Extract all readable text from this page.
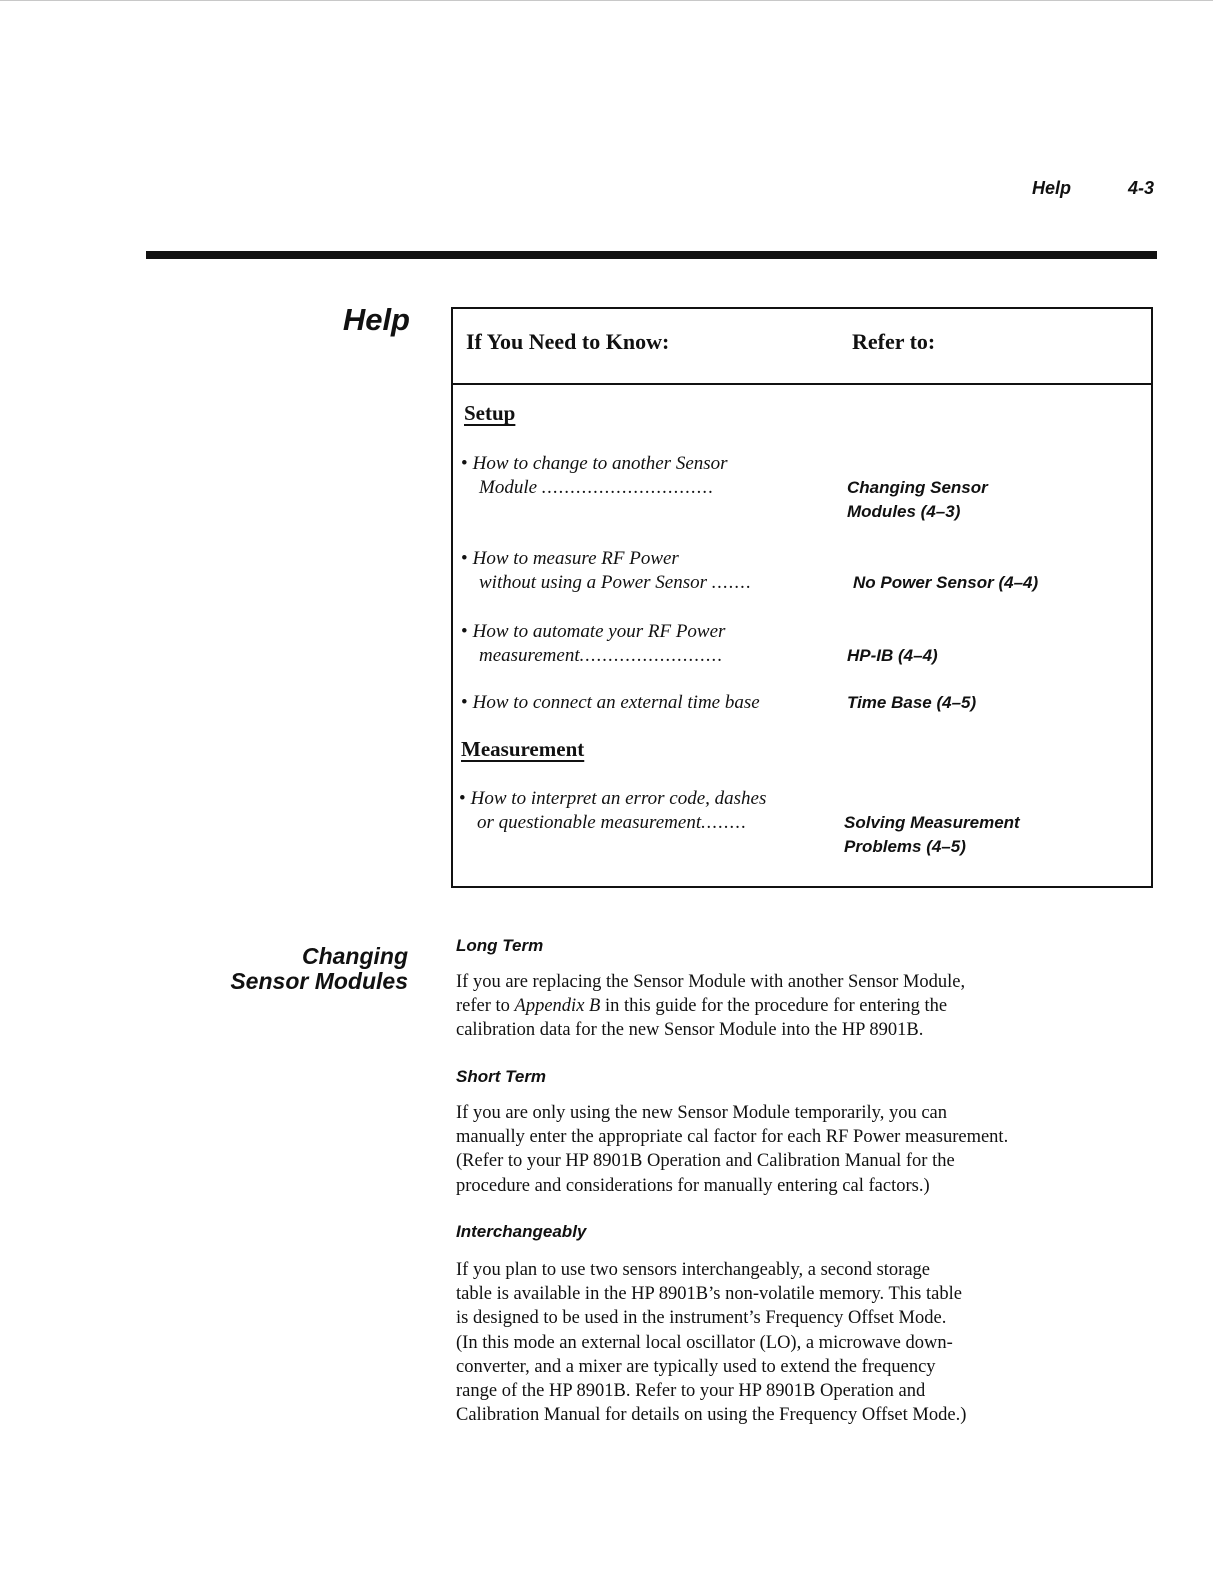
Help	4-3
Help
If You Need to Know:	Refer to:
Setup
• How to change to another Sensor
Module ..............................	Changing Sensor
Modules (4–3)
• How to measure RF Power
without using a Power Sensor .......	No Power Sensor (4–4)
• How to automate your RF Power
measurement.........................	HP-IB (4–4)
• How to connect an external time base	Time Base (4–5)
Measurement
• How to interpret an error code, dashes
or questionable measurement........	Solving Measurement
Problems (4–5)
Changing
Sensor Modules
Long Term
If you are replacing the Sensor Module with another Sensor Module,
refer to Appendix B in this guide for the procedure for entering the
calibration data for the new Sensor Module into the HP 8901B.
Short Term
If you are only using the new Sensor Module temporarily, you can
manually enter the appropriate cal factor for each RF Power measurement.
(Refer to your HP 8901B Operation and Calibration Manual for the
procedure and considerations for manually entering cal factors.)
Interchangeably
If you plan to use two sensors interchangeably, a second storage
table is available in the HP 8901B’s non-volatile memory. This table
is designed to be used in the instrument’s Frequency Offset Mode.
(In this mode an external local oscillator (LO), a microwave down-
converter, and a mixer are typically used to extend the frequency
range of the HP 8901B. Refer to your HP 8901B Operation and
Calibration Manual for details on using the Frequency Offset Mode.)
